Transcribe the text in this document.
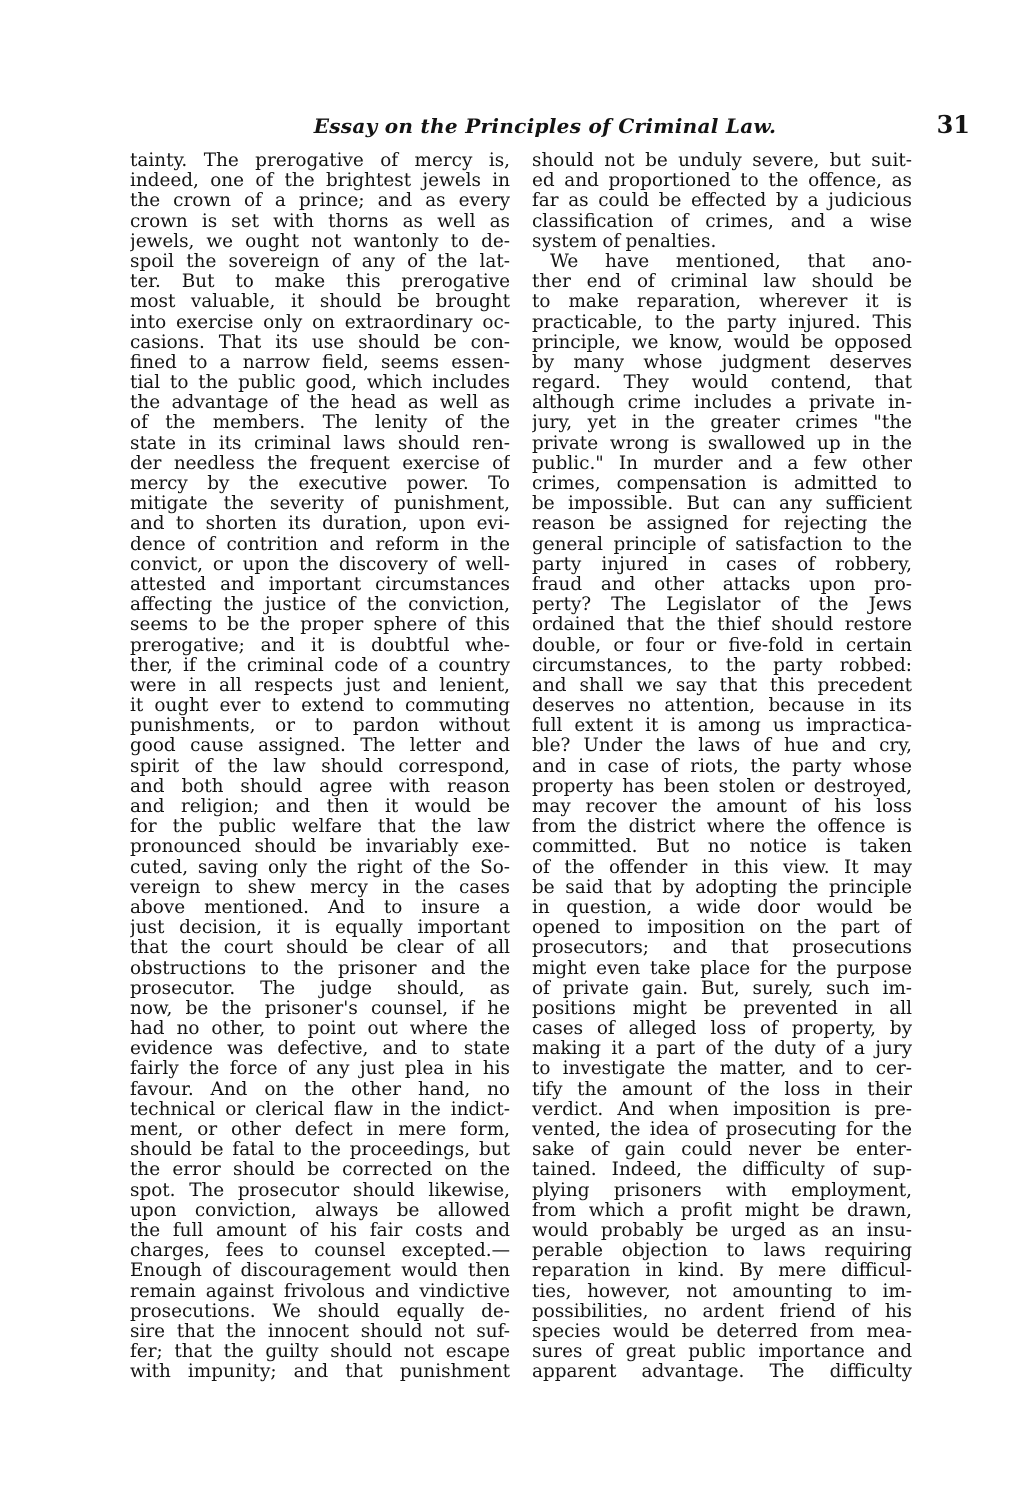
Essay on the Principles of Criminal Law.	31
tainty. The prerogative of mercy is,
indeed, one of the brightest jewels in
the crown of a prince; and as every
crown is set with thorns as well as
jewels, we ought not wantonly to de-
spoil the sovereign of any of the lat-
ter. But to make this prerogative
most valuable, it should be brought
into exercise only on extraordinary oc-
casions. That its use should be con-
fined to a narrow field, seems essen-
tial to the public good, which includes
the advantage of the head as well as
of the members. The lenity of the
state in its criminal laws should ren-
der needless the frequent exercise of
mercy by the executive power. To
mitigate the severity of punishment,
and to shorten its duration, upon evi-
dence of contrition and reform in the
convict, or upon the discovery of well-
attested and important circumstances
affecting the justice of the conviction,
seems to be the proper sphere of this
prerogative; and it is doubtful whe-
ther, if the criminal code of a country
were in all respects just and lenient,
it ought ever to extend to commuting
punishments, or to pardon without
good cause assigned. The letter and
spirit of the law should correspond,
and both should agree with reason
and religion; and then it would be
for the public welfare that the law
pronounced should be invariably exe-
cuted, saving only the right of the So-
vereign to shew mercy in the cases
above mentioned. And to insure a
just decision, it is equally important
that the court should be clear of all
obstructions to the prisoner and the
prosecutor. The judge should, as
now, be the prisoner's counsel, if he
had no other, to point out where the
evidence was defective, and to state
fairly the force of any just plea in his
favour. And on the other hand, no
technical or clerical flaw in the indict-
ment, or other defect in mere form,
should be fatal to the proceedings, but
the error should be corrected on the
spot. The prosecutor should likewise,
upon conviction, always be allowed
the full amount of his fair costs and
charges, fees to counsel excepted.—
Enough of discouragement would then
remain against frivolous and vindictive
prosecutions. We should equally de-
sire that the innocent should not suf-
fer; that the guilty should not escape
with impunity; and that punishment
should not be unduly severe, but suit-
ed and proportioned to the offence, as
far as could be effected by a judicious
classification of crimes, and a wise
system of penalties.
We have mentioned, that ano-
ther end of criminal law should be
to make reparation, wherever it is
practicable, to the party injured. This
principle, we know, would be opposed
by many whose judgment deserves
regard. They would contend, that
although crime includes a private in-
jury, yet in the greater crimes "the
private wrong is swallowed up in the
public." In murder and a few other
crimes, compensation is admitted to
be impossible. But can any sufficient
reason be assigned for rejecting the
general principle of satisfaction to the
party injured in cases of robbery,
fraud and other attacks upon pro-
perty? The Legislator of the Jews
ordained that the thief should restore
double, or four or five-fold in certain
circumstances, to the party robbed:
and shall we say that this precedent
deserves no attention, because in its
full extent it is among us impractica-
ble? Under the laws of hue and cry,
and in case of riots, the party whose
property has been stolen or destroyed,
may recover the amount of his loss
from the district where the offence is
committed. But no notice is taken
of the offender in this view. It may
be said that by adopting the principle
in question, a wide door would be
opened to imposition on the part of
prosecutors; and that prosecutions
might even take place for the purpose
of private gain. But, surely, such im-
positions might be prevented in all
cases of alleged loss of property, by
making it a part of the duty of a jury
to investigate the matter, and to cer-
tify the amount of the loss in their
verdict. And when imposition is pre-
vented, the idea of prosecuting for the
sake of gain could never be enter-
tained. Indeed, the difficulty of sup-
plying prisoners with employment,
from which a profit might be drawn,
would probably be urged as an insu-
perable objection to laws requiring
reparation in kind. By mere difficul-
ties, however, not amounting to im-
possibilities, no ardent friend of his
species would be deterred from mea-
sures of great public importance and
apparent advantage. The difficulty
